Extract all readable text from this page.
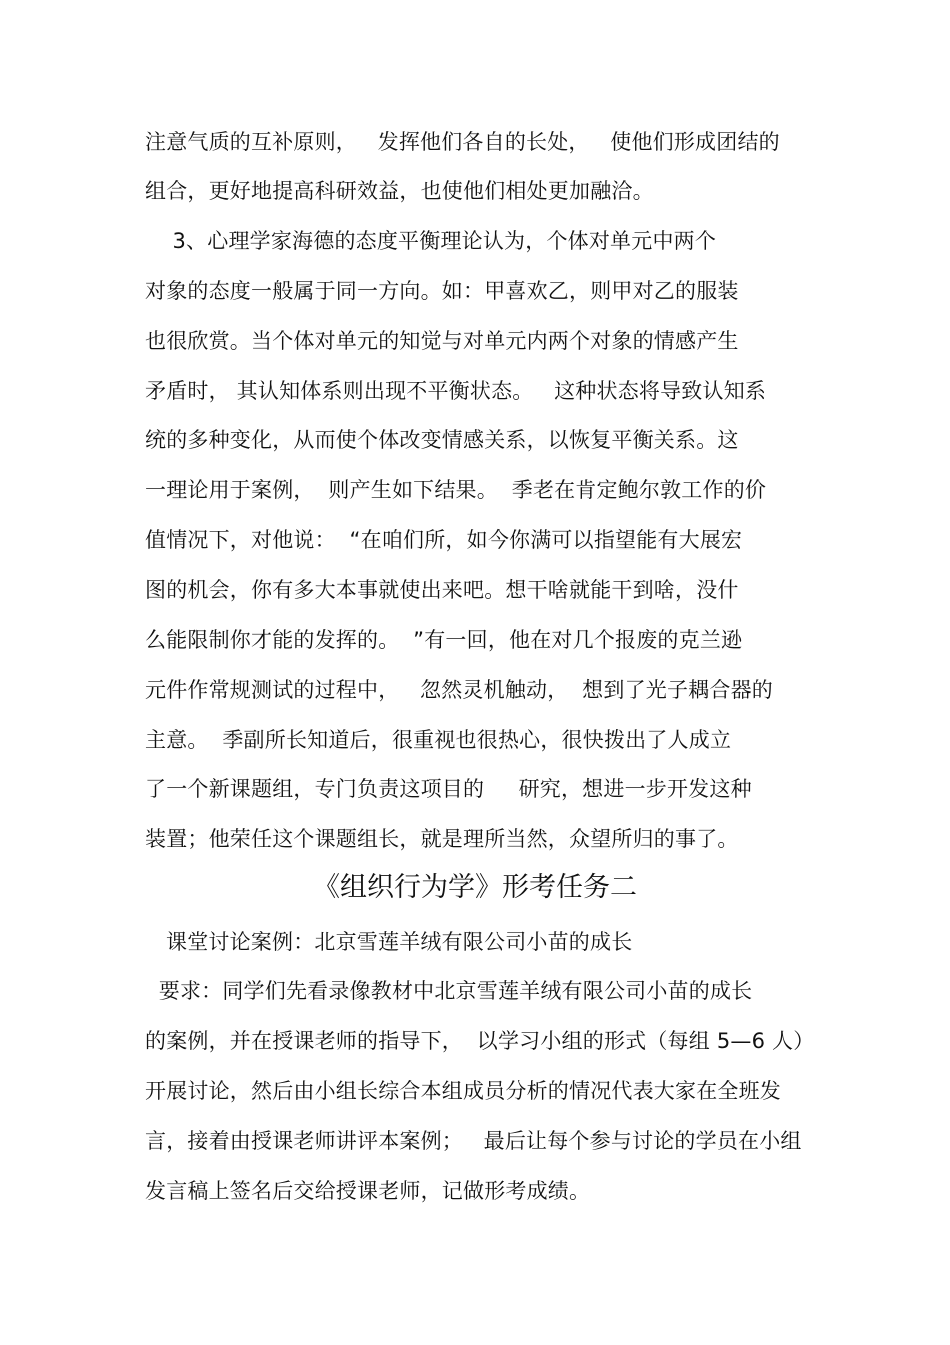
注意气质的互补原则，   发挥他们各自的长处，   使他们形成团结的
组合，更好地提高科研效益，也使他们相处更加融洽。
3、心理学家海德的态度平衡理论认为，个体对单元中两个
对象的态度一般属于同一方向。如：甲喜欢乙，则甲对乙的服装
也很欣赏。当个体对单元的知觉与对单元内两个对象的情感产生
矛盾时， 其认知体系则出现不平衡状态。   这种状态将导致认知系
统的多种变化，从而使个体改变情感关系，以恢复平衡关系。这
一理论用于案例，  则产生如下结果。  季老在肯定鲍尔敦工作的价
值情况下，对他说：  “在咱们所，如今你满可以指望能有大展宏
图的机会，你有多大本事就使出来吧。想干啥就能干到啥，没什
么能限制你才能的发挥的。  ”有一回，他在对几个报废的克兰逊
元件作常规测试的过程中，   忽然灵机触动，  想到了光子耦合器的
主意。  季副所长知道后，很重视也很热心，很快拨出了人成立
了一个新课题组，专门负责这项目的     研究，想进一步开发这种
装置；他荣任这个课题组长，就是理所当然，众望所归的事了。
《组织行为学》形考任务二
课堂讨论案例：北京雪莲羊绒有限公司小苗的成长
要求：同学们先看录像教材中北京雪莲羊绒有限公司小苗的成长
的案例，并在授课老师的指导下，  以学习小组的形式（每组 5—6 人）
开展讨论，然后由小组长综合本组成员分析的情况代表大家在全班发
言，接着由授课老师讲评本案例；   最后让每个参与讨论的学员在小组
发言稿上签名后交给授课老师，记做形考成绩。
